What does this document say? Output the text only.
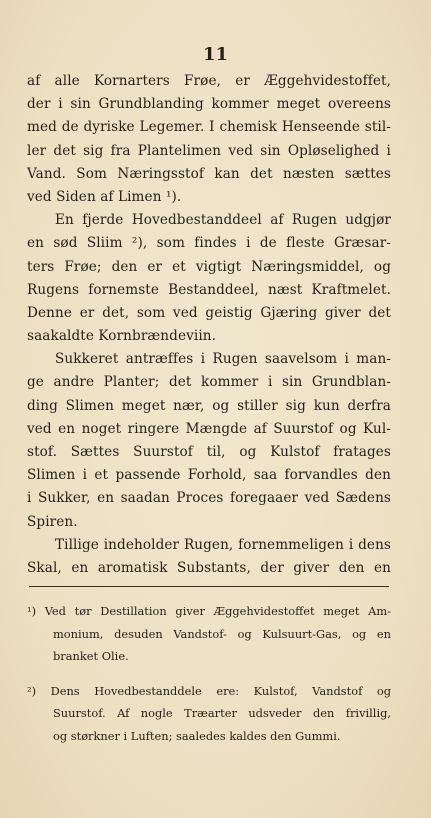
11
af alle Kornarters Frøe, er Æggehvidestoffet,
der i sin Grundblanding kommer meget overeens
med de dyriske Legemer. I chemisk Henseende stil-
ler det sig fra Plantelimen ved sin Opløselighed i
Vand. Som Næringsstof kan det næsten sættes
ved Siden af Limen ¹).
En fjerde Hovedbestanddeel af Rugen udgjør
en sød Sliim ²), som findes i de fleste Græsar-
ters Frøe; den er et vigtigt Næringsmiddel, og
Rugens fornemste Bestanddeel, næst Kraftmelet.
Denne er det, som ved geistig Gjæring giver det
saakaldte Kornbrændeviin.
Sukkeret antræffes i Rugen saavelsom i man-
ge andre Planter; det kommer i sin Grundblan-
ding Slimen meget nær, og stiller sig kun derfra
ved en noget ringere Mængde af Suurstof og Kul-
stof. Sættes Suurstof til, og Kulstof fratages
Slimen i et passende Forhold, saa forvandles den
i Sukker, en saadan Proces foregaaer ved Sædens
Spiren.
Tillige indeholder Rugen, fornemmeligen i dens
Skal, en aromatisk Substants, der giver den en
¹) Ved tør Destillation giver Æggehvidestoffet meget Am-
monium, desuden Vandstof- og Kulsuurt-Gas, og en
branket Olie.
²) Dens Hovedbestanddele ere: Kulstof, Vandstof og
Suurstof. Af nogle Træarter udsveder den frivillig,
og størkner i Luften; saaledes kaldes den Gummi.
